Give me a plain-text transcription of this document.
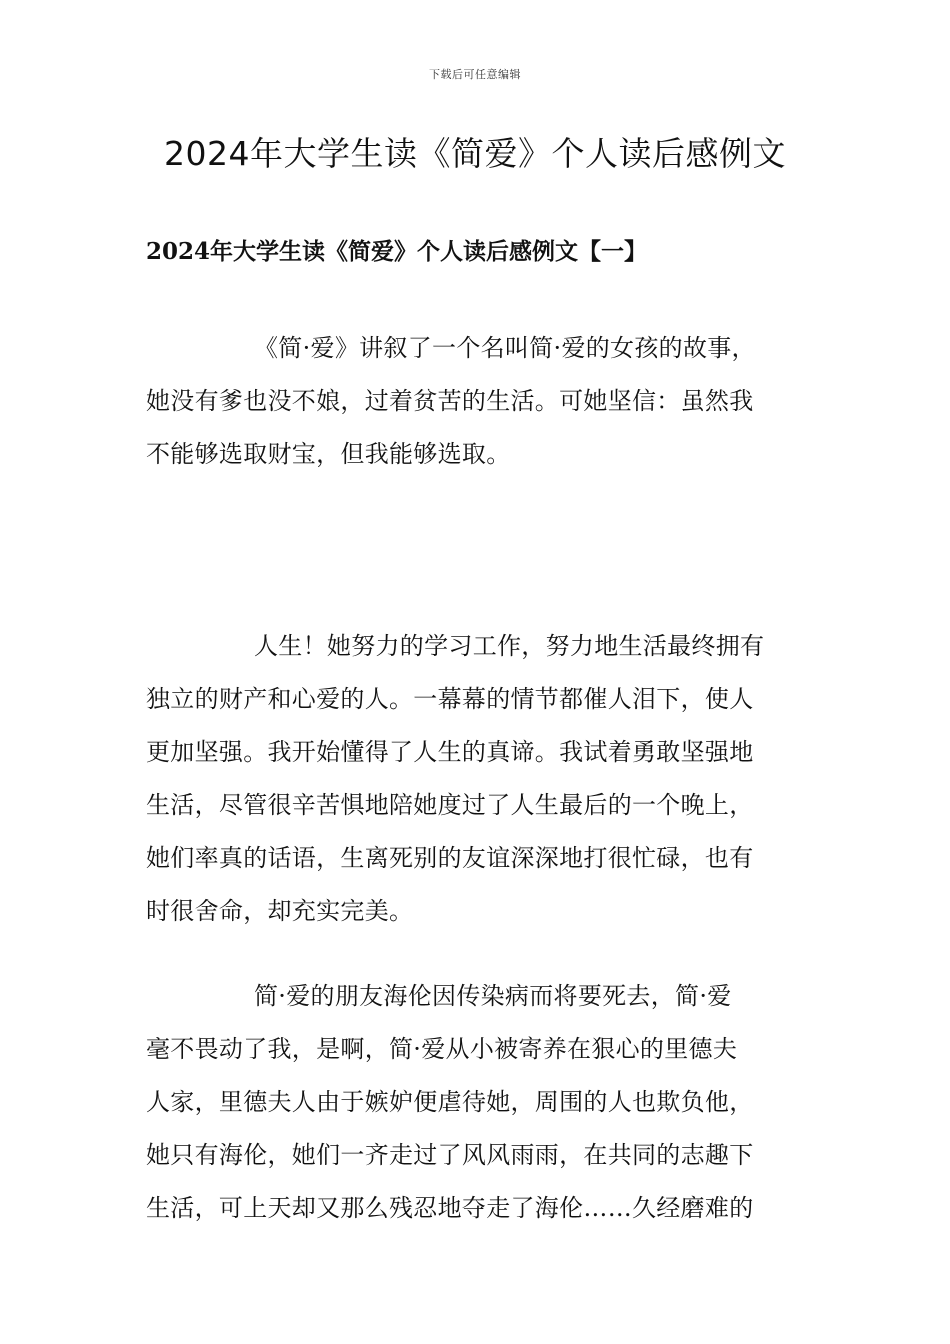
下载后可任意编辑
2024年大学生读《简爱》个人读后感例文
2024年大学生读《简爱》个人读后感例文【一】
《简·爱》讲叙了一个名叫简·爱的女孩的故事，
她没有爹也没不娘，过着贫苦的生活。可她坚信：虽然我
不能够选取财宝，但我能够选取。
人生！她努力的学习工作，努力地生活最终拥有
独立的财产和心爱的人。一幕幕的情节都催人泪下，使人
更加坚强。我开始懂得了人生的真谛。我试着勇敢坚强地
生活，尽管很辛苦惧地陪她度过了人生最后的一个晚上，
她们率真的话语，生离死别的友谊深深地打很忙碌，也有
时很舍命，却充实完美。
简·爱的朋友海伦因传染病而将要死去，简·爱
毫不畏动了我，是啊，简·爱从小被寄养在狠心的里德夫
人家，里德夫人由于嫉妒便虐待她，周围的人也欺负他，
她只有海伦，她们一齐走过了风风雨雨，在共同的志趣下
生活，可上天却又那么残忍地夺走了海伦……久经磨难的
